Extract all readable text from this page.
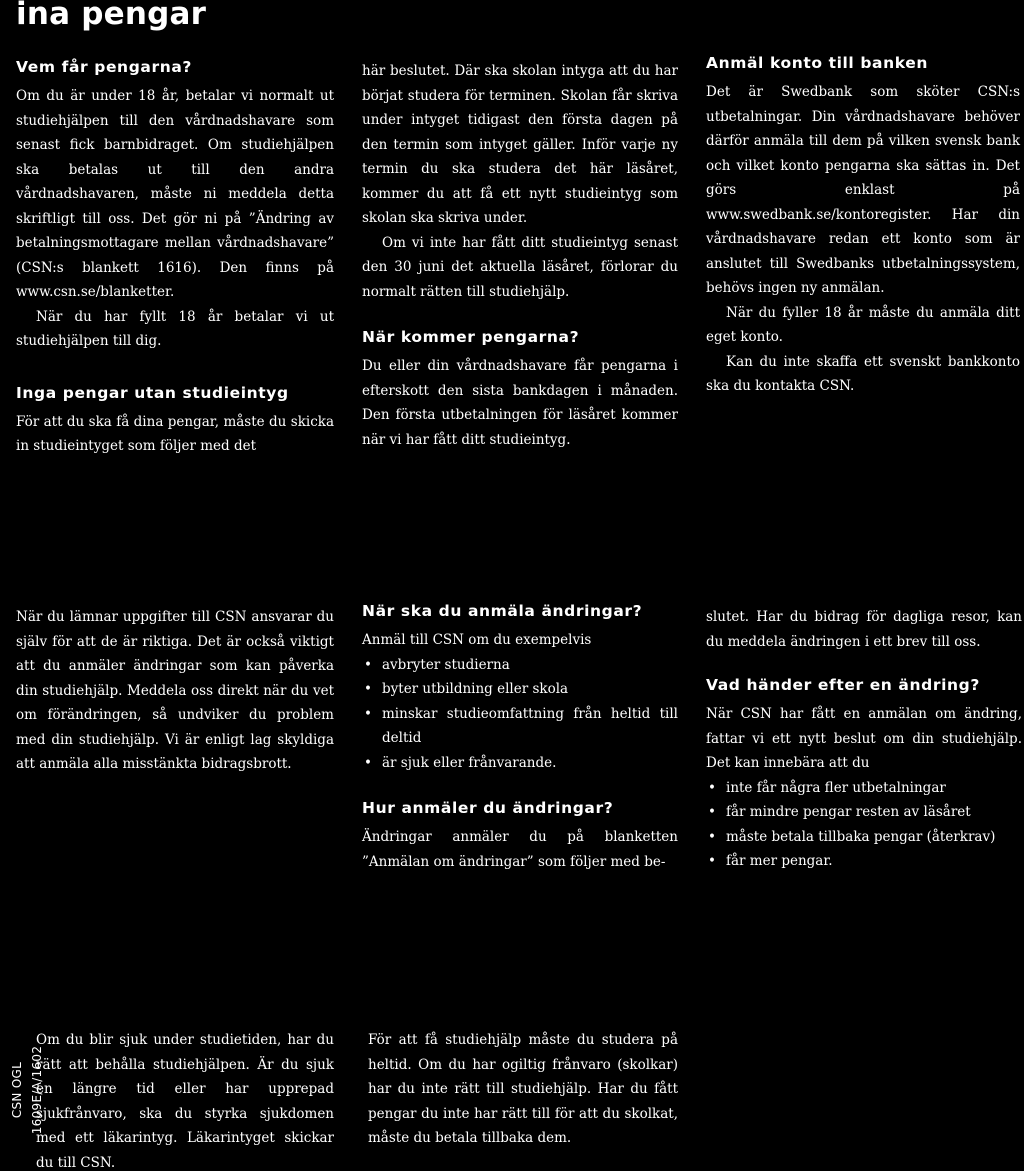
ina pengar
Vem får pengarna?

Om du är under 18 år, betalar vi normalt ut studiehjälpen till den vårdnadshavare som senast fick barnbidraget. Om studiehjälpen ska betalas ut till den andra vårdnadshavaren, måste ni meddela detta skriftligt till oss. Det gör ni på ”Ändring av betalningsmottagare mellan vårdnadshavare” (CSN:s blankett 1616). Den finns på www.csn.se/blanketter.

När du har fyllt 18 år betalar vi ut studiehjälpen till dig.

Inga pengar utan studieintyg

För att du ska få dina pengar, måste du skicka in studieintyget som följer med det

här beslutet. Där ska skolan intyga att du har börjat studera för terminen. Skolan får skriva under intyget tidigast den första dagen på den termin som intyget gäller. Inför varje ny termin du ska studera det här läsåret, kommer du att få ett nytt studieintyg som skolan ska skriva under.

Om vi inte har fått ditt studieintyg senast den 30 juni det aktuella läsåret, förlorar du normalt rätten till studiehjälp.

När kommer pengarna?

Du eller din vårdnadshavare får pengarna i efterskott den sista bankdagen i månaden. Den första utbetalningen för läsåret kommer när vi har fått ditt studieintyg.

Anmäl konto till banken

Det är Swedbank som sköter CSN:s utbetalningar. Din vårdnadshavare behöver därför anmäla till dem på vilken svensk bank och vilket konto pengarna ska sättas in. Det görs enklast på www.swedbank.se/kontoregister. Har din vårdnadshavare redan ett konto som är anslutet till Swedbanks utbetalningssystem, behövs ingen ny anmälan.

När du fyller 18 år måste du anmäla ditt eget konto.

Kan du inte skaffa ett svenskt bankkonto ska du kontakta CSN.

När du lämnar uppgifter till CSN ansvarar du själv för att de är riktiga. Det är också viktigt att du anmäler ändringar som kan påverka din studiehjälp. Meddela oss direkt när du vet om förändringen, så undviker du problem med din studiehjälp. Vi är enligt lag skyldiga att anmäla alla misstänkta bidragsbrott.

När ska du anmäla ändringar?

Anmäl till CSN om du exempelvis

• avbryter studierna
• byter utbildning eller skola
• minskar studieomfattning från heltid till deltid
• är sjuk eller frånvarande.
Hur anmäler du ändringar?

Ändringar anmäler du på blanketten ”Anmälan om ändringar” som följer med be-

slutet. Har du bidrag för dagliga resor, kan du meddela ändringen i ett brev till oss.

Vad händer efter en ändring?

När CSN har fått en anmälan om ändring, fattar vi ett nytt beslut om din studiehjälp. Det kan innebära att du

• inte får några fler utbetalningar
• får mindre pengar resten av läsåret
• måste betala tillbaka pengar (återkrav)
• får mer pengar.
CSN OGL 1609E/A/1602

Om du blir sjuk under studietiden, har du rätt att behålla studiehjälpen. Är du sjuk en längre tid eller har upprepad sjukfrånvaro, ska du styrka sjukdomen med ett läkarintyg. Läkarintyget skickar du till CSN.

För att få studiehjälp måste du studera på heltid. Om du har ogiltig frånvaro (skolkar) har du inte rätt till studiehjälp. Har du fått pengar du inte har rätt till för att du skolkat, måste du betala tillbaka dem.
